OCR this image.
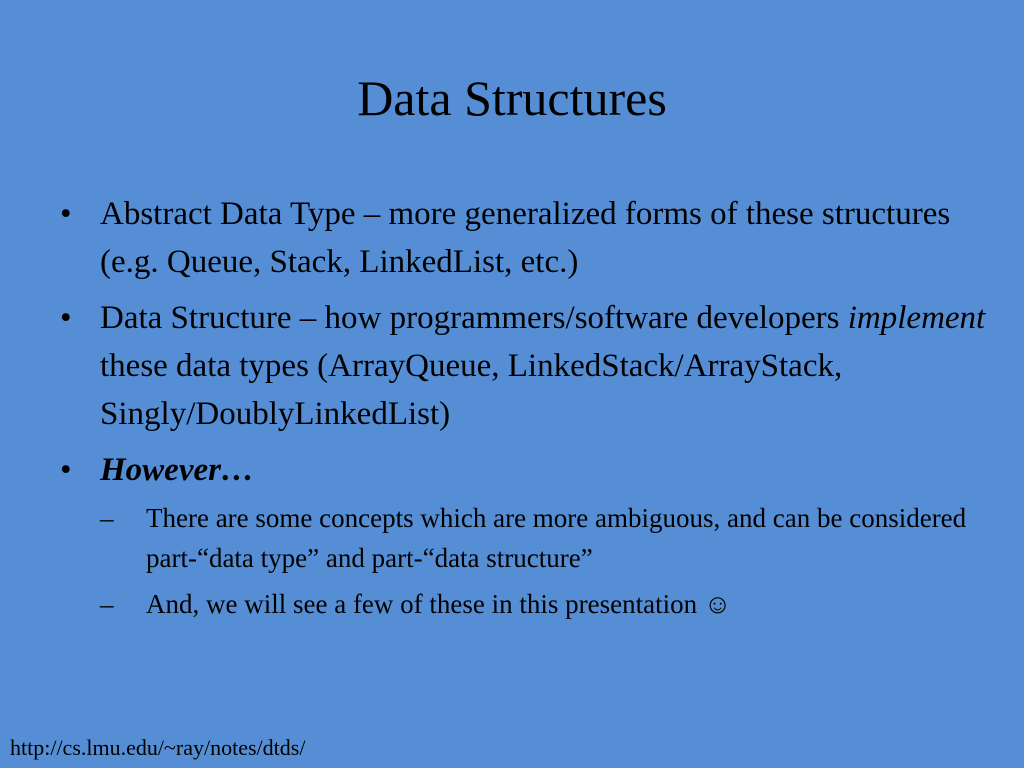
Data Structures
• Abstract Data Type – more generalized forms of these structures (e.g. Queue, Stack, LinkedList, etc.)
• Data Structure – how programmers/software developers implement these data types (ArrayQueue, LinkedStack/ArrayStack, Singly/DoublyLinkedList)
• However…
–	There are some concepts which are more ambiguous, and can be considered part-“data type” and part-“data structure”
–	And, we will see a few of these in this presentation ☺
http://cs.lmu.edu/~ray/notes/dtds/
